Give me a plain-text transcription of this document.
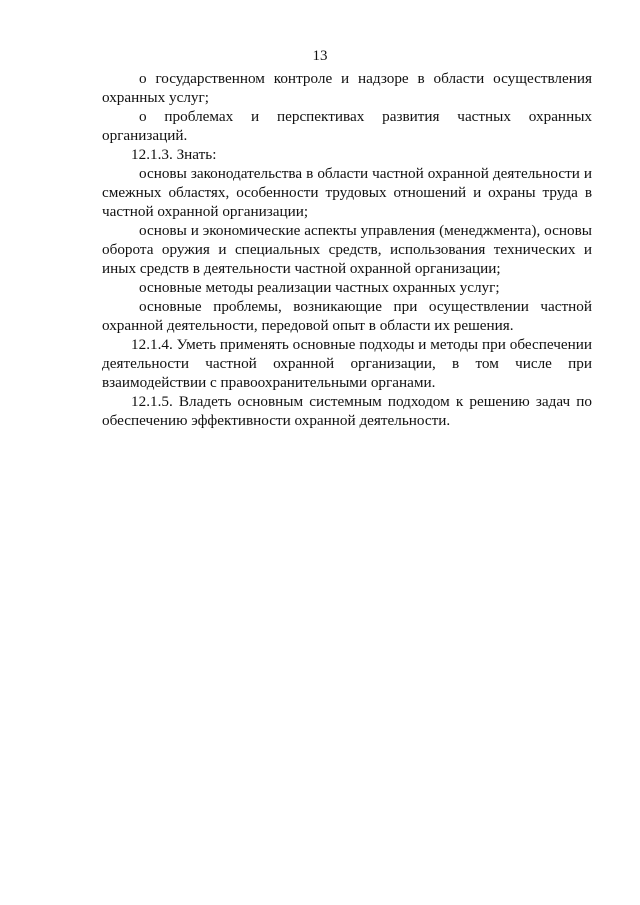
13

о государственном контроле и надзоре в области осуществления охранных услуг;

о проблемах и перспективах развития частных охранных организаций.

12.1.3. Знать:

основы законодательства в области частной охранной деятельности и смежных областях, особенности трудовых отношений и охраны труда в частной охранной организации;

основы и экономические аспекты управления (менеджмента), основы оборота оружия и специальных средств, использования технических и иных средств в деятельности частной охранной организации;

основные методы реализации частных охранных услуг;

основные проблемы, возникающие при осуществлении частной охранной деятельности, передовой опыт в области их решения.

12.1.4. Уметь применять основные подходы и методы при обеспечении деятельности частной охранной организации, в том числе при взаимодействии с правоохранительными органами.

12.1.5. Владеть основным системным подходом к решению задач по обеспечению эффективности охранной деятельности.
